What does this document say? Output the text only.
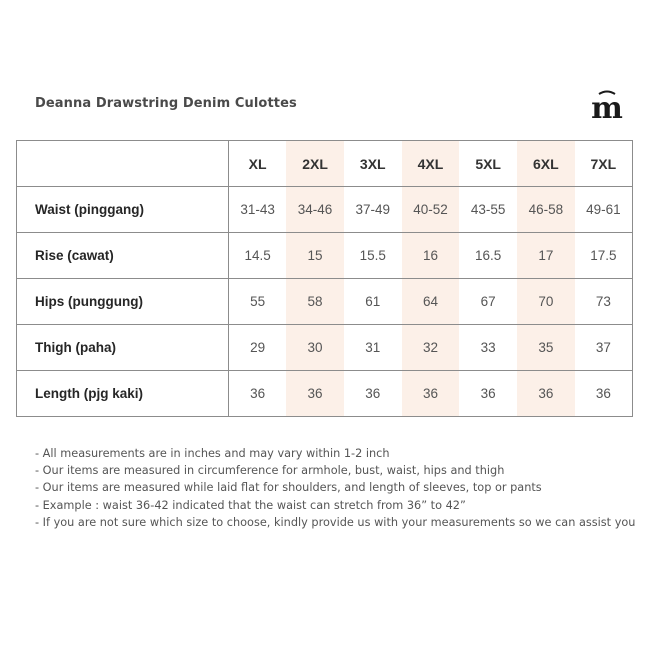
Deanna Drawstring Denim Culottes	m
	XL	2XL	3XL	4XL	5XL	6XL	7XL
Waist (pinggang)	31-43	34-46	37-49	40-52	43-55	46-58	49-61
Rise (cawat)	14.5	15	15.5	16	16.5	17	17.5
Hips (punggung)	55	58	61	64	67	70	73
Thigh (paha)	29	30	31	32	33	35	37
Length (pjg kaki)	36	36	36	36	36	36	36
- All measurements are in inches and may vary within 1-2 inch
- Our items are measured in circumference for armhole, bust, waist, hips and thigh
- Our items are measured while laid flat for shoulders, and length of sleeves, top or pants
- Example : waist 36-42 indicated that the waist can stretch from 36” to 42”
- If you are not sure which size to choose, kindly provide us with your measurements so we can assist you
